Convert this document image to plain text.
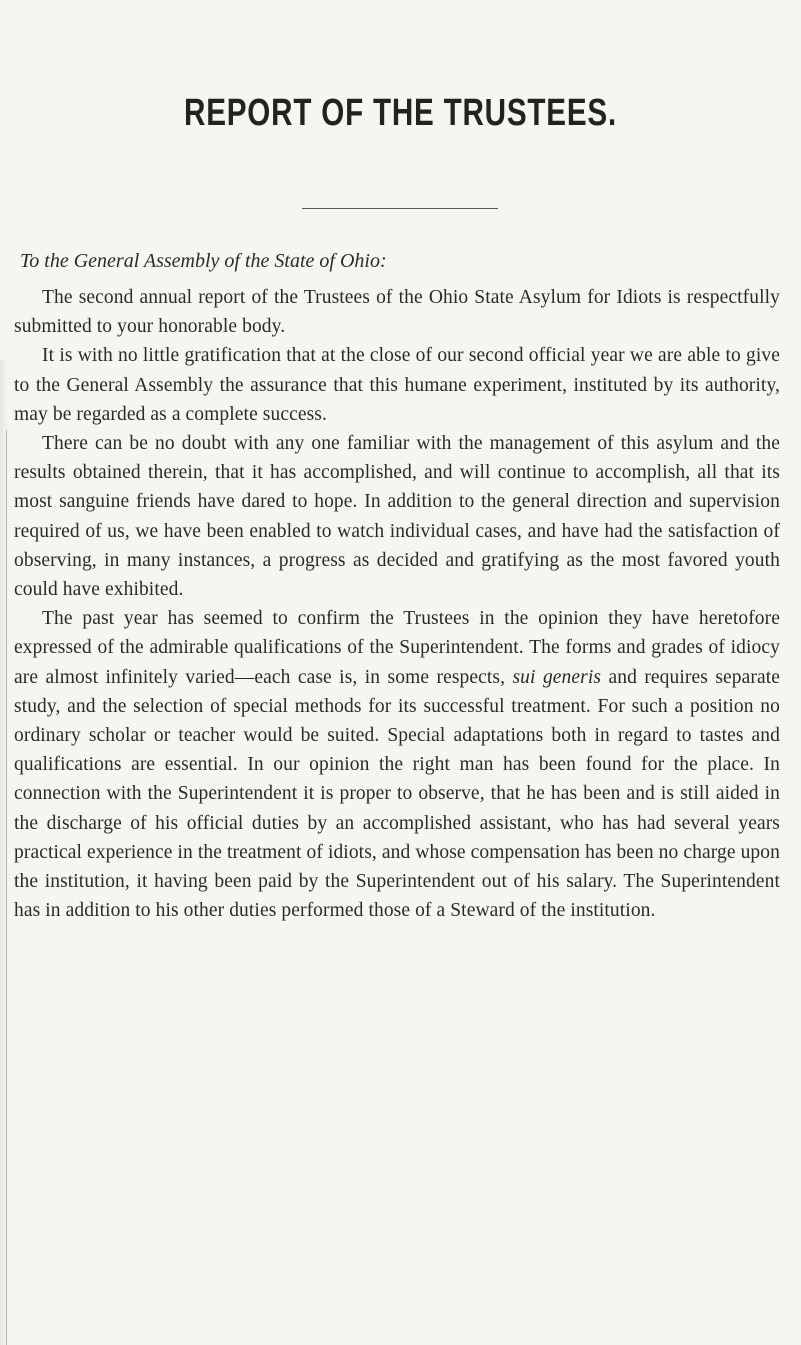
REPORT OF THE TRUSTEES.
To the General Assembly of the State of Ohio:

The second annual report of the Trustees of the Ohio State Asylum for Idiots is respectfully submitted to your honorable body.

It is with no little gratification that at the close of our second official year we are able to give to the General Assembly the assurance that this humane experiment, instituted by its authority, may be regarded as a complete success.

There can be no doubt with any one familiar with the management of this asylum and the results obtained therein, that it has accomplished, and will continue to accomplish, all that its most sanguine friends have dared to hope. In addition to the general direction and supervision required of us, we have been enabled to watch individual cases, and have had the satisfaction of observing, in many instances, a progress as decided and gratifying as the most favored youth could have exhibited.

The past year has seemed to confirm the Trustees in the opinion they have heretofore expressed of the admirable qualifications of the Superintendent. The forms and grades of idiocy are almost infinitely varied—each case is, in some respects, sui generis and requires separate study, and the selection of special methods for its successful treatment. For such a position no ordinary scholar or teacher would be suited. Special adaptations both in regard to tastes and qualifications are essential. In our opinion the right man has been found for the place. In connection with the Superintendent it is proper to observe, that he has been and is still aided in the discharge of his official duties by an accomplished assistant, who has had several years practical experience in the treatment of idiots, and whose compensation has been no charge upon the institution, it having been paid by the Superintendent out of his salary. The Superintendent has in addition to his other duties performed those of a Steward of the institution.
